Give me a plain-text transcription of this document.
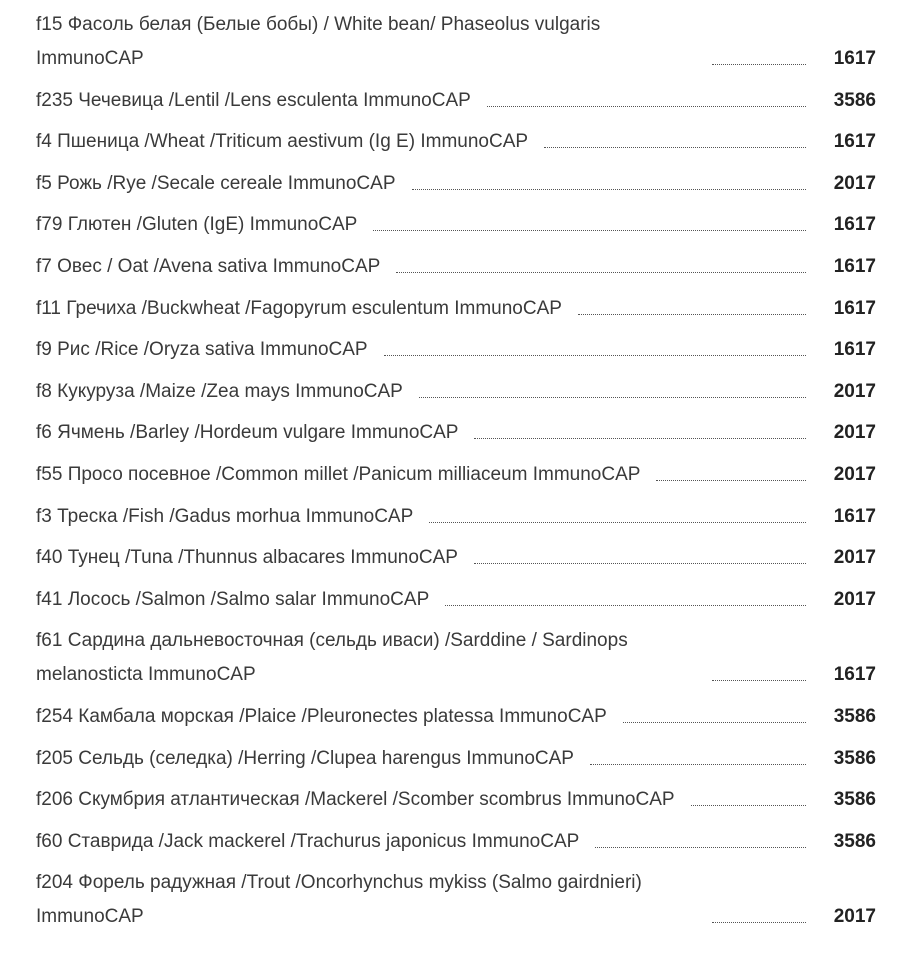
f15 Фасоль белая (Белые бобы) / White bean/ Phaseolus vulgaris ImmunoCAP	1617
f235 Чечевица /Lentil /Lens esculenta ImmunoCAP	3586
f4 Пшеница /Wheat /Triticum aestivum (Ig E) ImmunoCAP	1617
f5 Рожь /Rye /Secale cereale ImmunoCAP	2017
f79 Глютен /Gluten (IgE) ImmunoCAP	1617
f7 Овес / Oat /Avena sativa ImmunoCAP	1617
f11 Гречиха /Buckwheat /Fagopyrum esculentum ImmunoCAP	1617
f9 Рис /Rice /Oryza sativa ImmunoCAP	1617
f8 Кукуруза /Maize /Zea mays ImmunoCAP	2017
f6 Ячмень /Barley /Hordeum vulgare ImmunoCAP	2017
f55 Просо посевное /Common millet /Panicum milliaceum ImmunoCAP	2017
f3 Треска /Fish /Gadus morhua ImmunoCAP	1617
f40 Тунец /Tuna /Thunnus albacares ImmunoCAP	2017
f41 Лосось /Salmon /Salmo salar ImmunoCAP	2017
f61 Сардина дальневосточная (сельдь иваси) /Sarddine / Sardinops melanosticta ImmunoCAP	1617
f254 Камбала морская /Plaice /Pleuronectes platessa ImmunoCAP	3586
f205 Сельдь (селедка) /Herring /Clupea harengus ImmunoCAP	3586
f206 Скумбрия атлантическая /Mackerel /Scomber scombrus ImmunoCAP	3586
f60 Ставрида /Jack mackerel /Trachurus japonicus ImmunoCAP	3586
f204 Форель радужная /Trout /Oncorhynchus mykiss (Salmo gairdnieri) ImmunoCAP	2017
